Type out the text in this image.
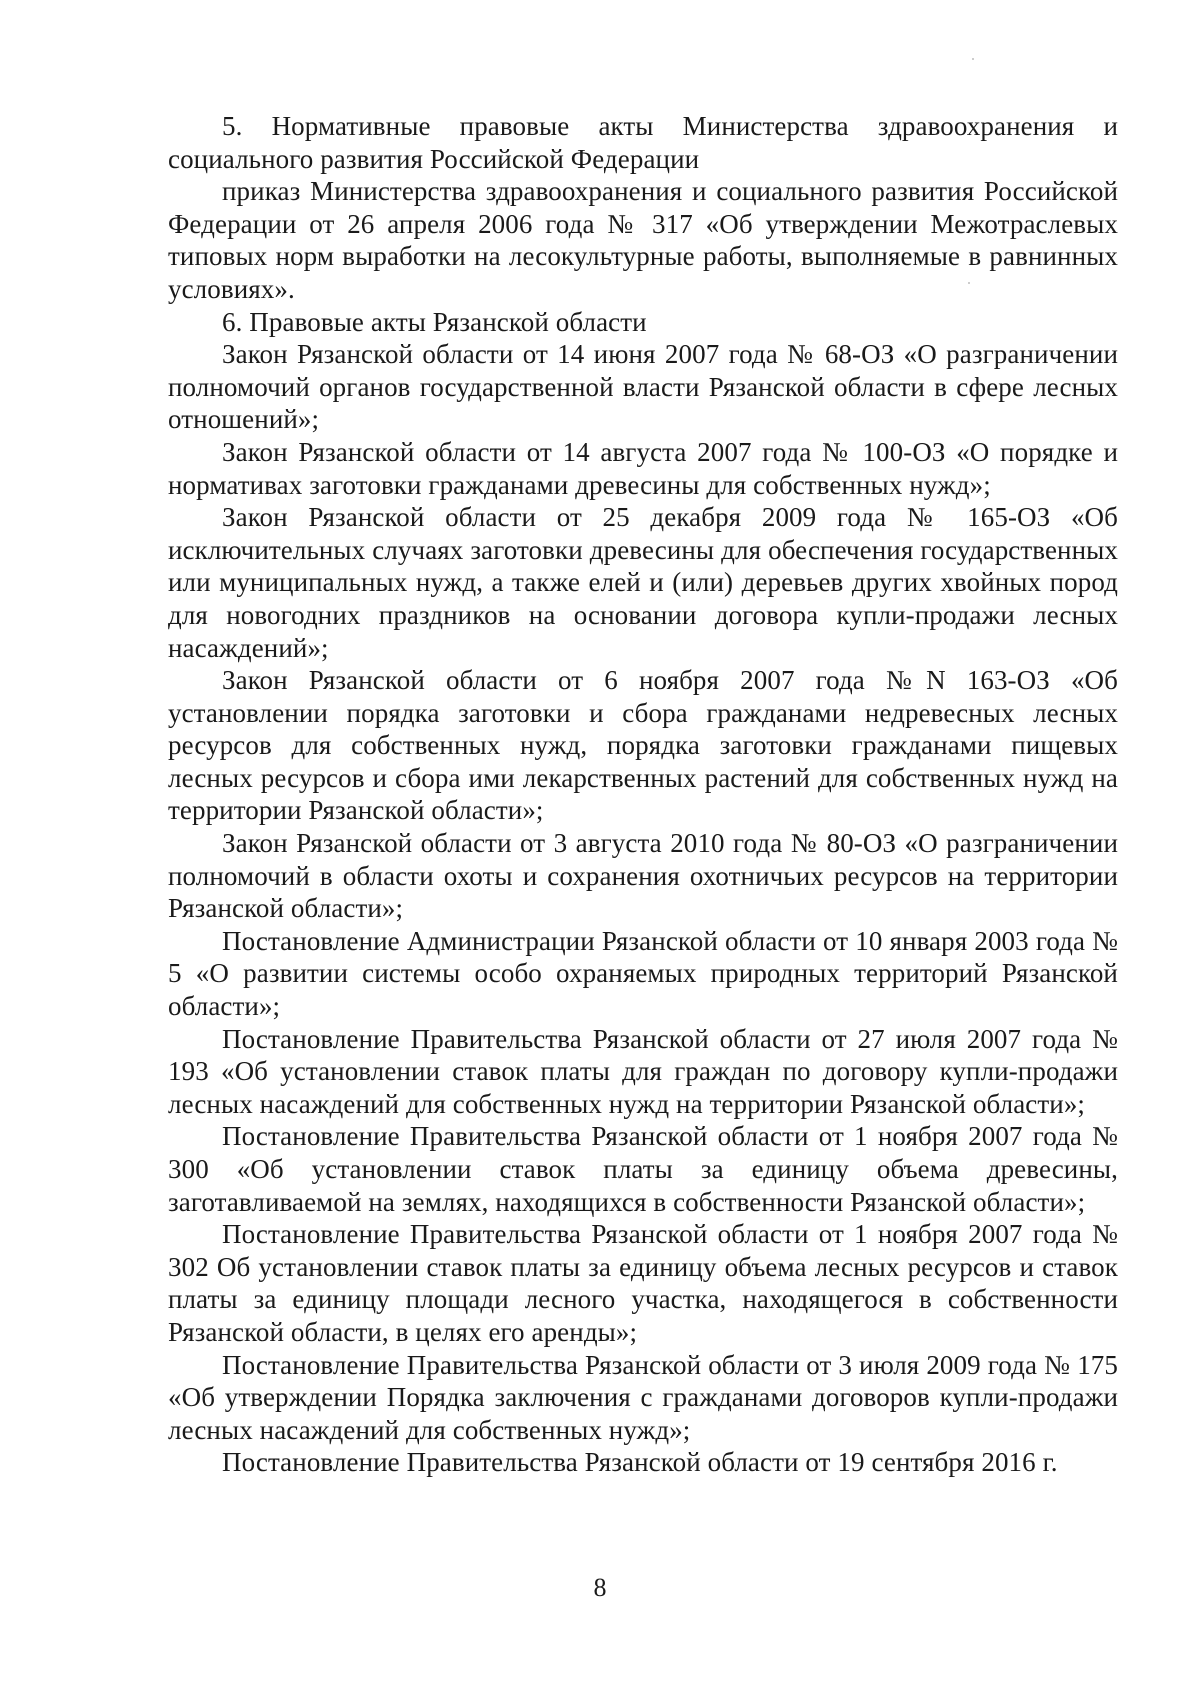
5. Нормативные правовые акты Министерства здравоохранения и социального развития Российской Федерации

приказ Министерства здравоохранения и социального развития Российской Федерации от 26 апреля 2006 года № 317 «Об утверждении Межотраслевых типовых норм выработки на лесокультурные работы, выполняемые в равнинных условиях».

6. Правовые акты Рязанской области

Закон Рязанской области от 14 июня 2007 года № 68-ОЗ «О разграничении полномочий органов государственной власти Рязанской области в сфере лесных отношений»;

Закон Рязанской области от 14 августа 2007 года № 100-ОЗ «О порядке и нормативах заготовки гражданами древесины для собственных нужд»;

Закон Рязанской области от 25 декабря 2009 года № 165-ОЗ «Об исключительных случаях заготовки древесины для обеспечения государственных или муниципальных нужд, а также елей и (или) деревьев других хвойных пород для новогодних праздников на основании договора купли-продажи лесных насаждений»;

Закон Рязанской области от 6 ноября 2007 года №N 163-ОЗ «Об установлении порядка заготовки и сбора гражданами недревесных лесных ресурсов для собственных нужд, порядка заготовки гражданами пищевых лесных ресурсов и сбора ими лекарственных растений для собственных нужд на территории Рязанской области»;

Закон Рязанской области от 3 августа 2010 года № 80-ОЗ «О разграничении полномочий в области охоты и сохранения охотничьих ресурсов на территории Рязанской области»;

Постановление Администрации Рязанской области от 10 января 2003 года № 5 «О развитии системы особо охраняемых природных территорий Рязанской области»;

Постановление Правительства Рязанской области от 27 июля 2007 года № 193 «Об установлении ставок платы для граждан по договору купли-продажи лесных насаждений для собственных нужд на территории Рязанской области»;

Постановление Правительства Рязанской области от 1 ноября 2007 года № 300 «Об установлении ставок платы за единицу объема древесины, заготавливаемой на землях, находящихся в собственности Рязанской области»;

Постановление Правительства Рязанской области от 1 ноября 2007 года № 302 Об установлении ставок платы за единицу объема лесных ресурсов и ставок платы за единицу площади лесного участка, находящегося в собственности Рязанской области, в целях его аренды»;

Постановление Правительства Рязанской области от 3 июля 2009 года № 175 «Об утверждении Порядка заключения с гражданами договоров купли-продажи лесных насаждений для собственных нужд»;

Постановление Правительства Рязанской области от 19 сентября 2016 г.

8
